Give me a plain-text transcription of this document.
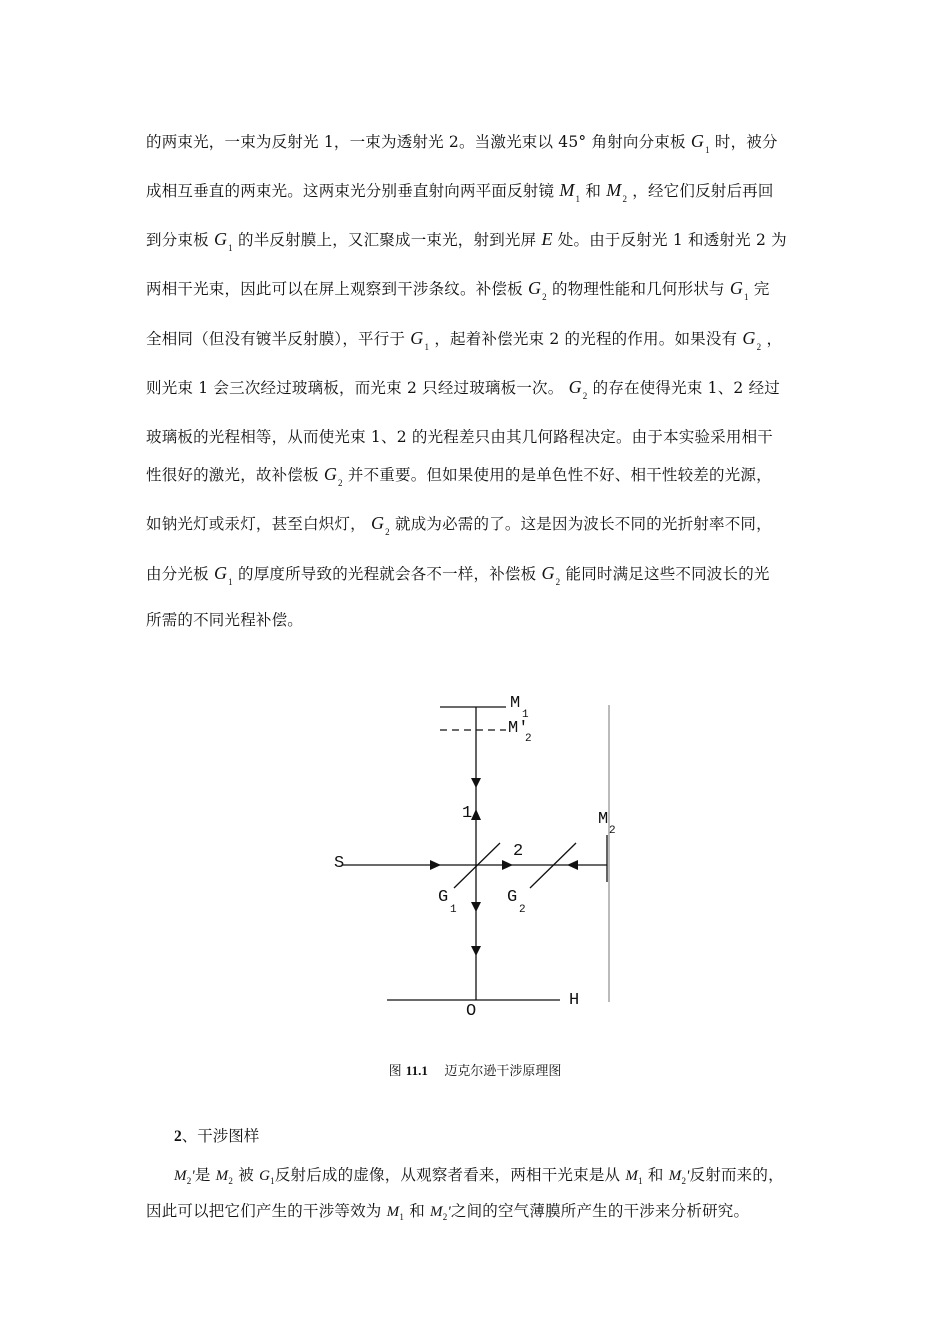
的两束光，一束为反射光 1，一束为透射光 2。当激光束以 45° 角射向分束板 $G_1$ 时，被分
成相互垂直的两束光。这两束光分别垂直射向两平面反射镜 $M_1$ 和 $M_2$ ，经它们反射后再回
到分束板 $G_1$ 的半反射膜上，又汇聚成一束光，射到光屏 E 处。由于反射光 1 和透射光 2 为
两相干光束，因此可以在屏上观察到干涉条纹。补偿板 $G_2$ 的物理性能和几何形状与 $G_1$ 完
全相同（但没有镀半反射膜），平行于 $G_1$ ，起着补偿光束 2 的光程的作用。如果没有 $G_2$ ，
则光束 1 会三次经过玻璃板，而光束 2 只经过玻璃板一次。 $G_2$ 的存在使得光束 1、2 经过
玻璃板的光程相等，从而使光束 1、2 的光程差只由其几何路程决定。由于本实验采用相干
性很好的激光，故补偿板 $G_2$ 并不重要。但如果使用的是单色性不好、相干性较差的光源，
如钠光灯或汞灯，甚至白炽灯， $G_2$ 就成为必需的了。这是因为波长不同的光折射率不同，
由分光板 $G_1$ 的厚度所导致的光程就会各不一样，补偿板 $G_2$ 能同时满足这些不同波长的光
所需的不同光程补偿。
M
1
M'
2
1	M
2
S
2
G
1
G
2
O
H
图 11.1 迈克尔逊干涉原理图
2、干涉图样
$M_2'$是 $M_2$ 被 $G_1$反射后成的虚像，从观察者看来，两相干光束是从 $M_1$ 和 $M_2'$反射而来的，
因此可以把它们产生的干涉等效为 $M_1$ 和 $M_2'$之间的空气薄膜所产生的干涉来分析研究。
